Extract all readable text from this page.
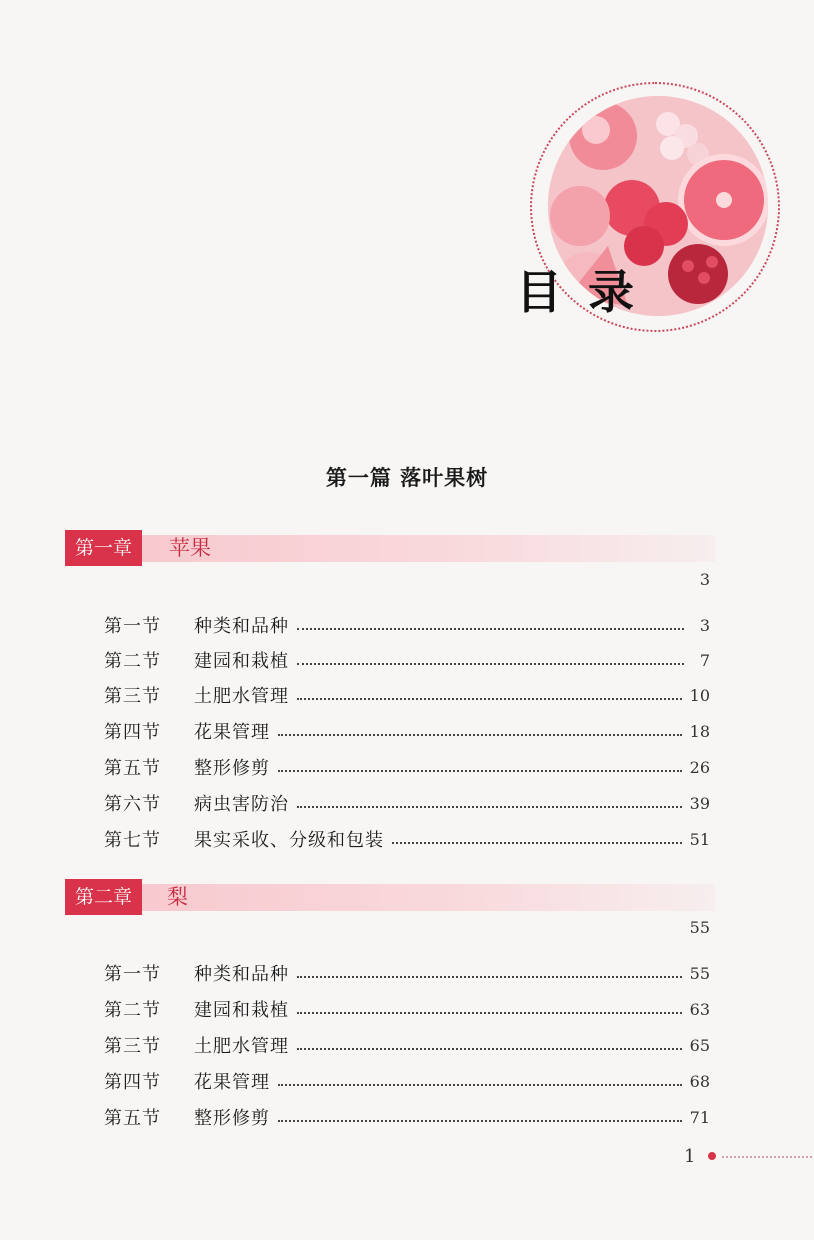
目录
第一篇 落叶果树
第一章	苹果
3
第一节	种类和品种	3
第二节	建园和栽植	7
第三节	土肥水管理	10
第四节	花果管理	18
第五节	整形修剪	26
第六节	病虫害防治	39
第七节	果实采收、分级和包装	51
第二章	梨
55
第一节	种类和品种	55
第二节	建园和栽植	63
第三节	土肥水管理	65
第四节	花果管理	68
第五节	整形修剪	71
1
